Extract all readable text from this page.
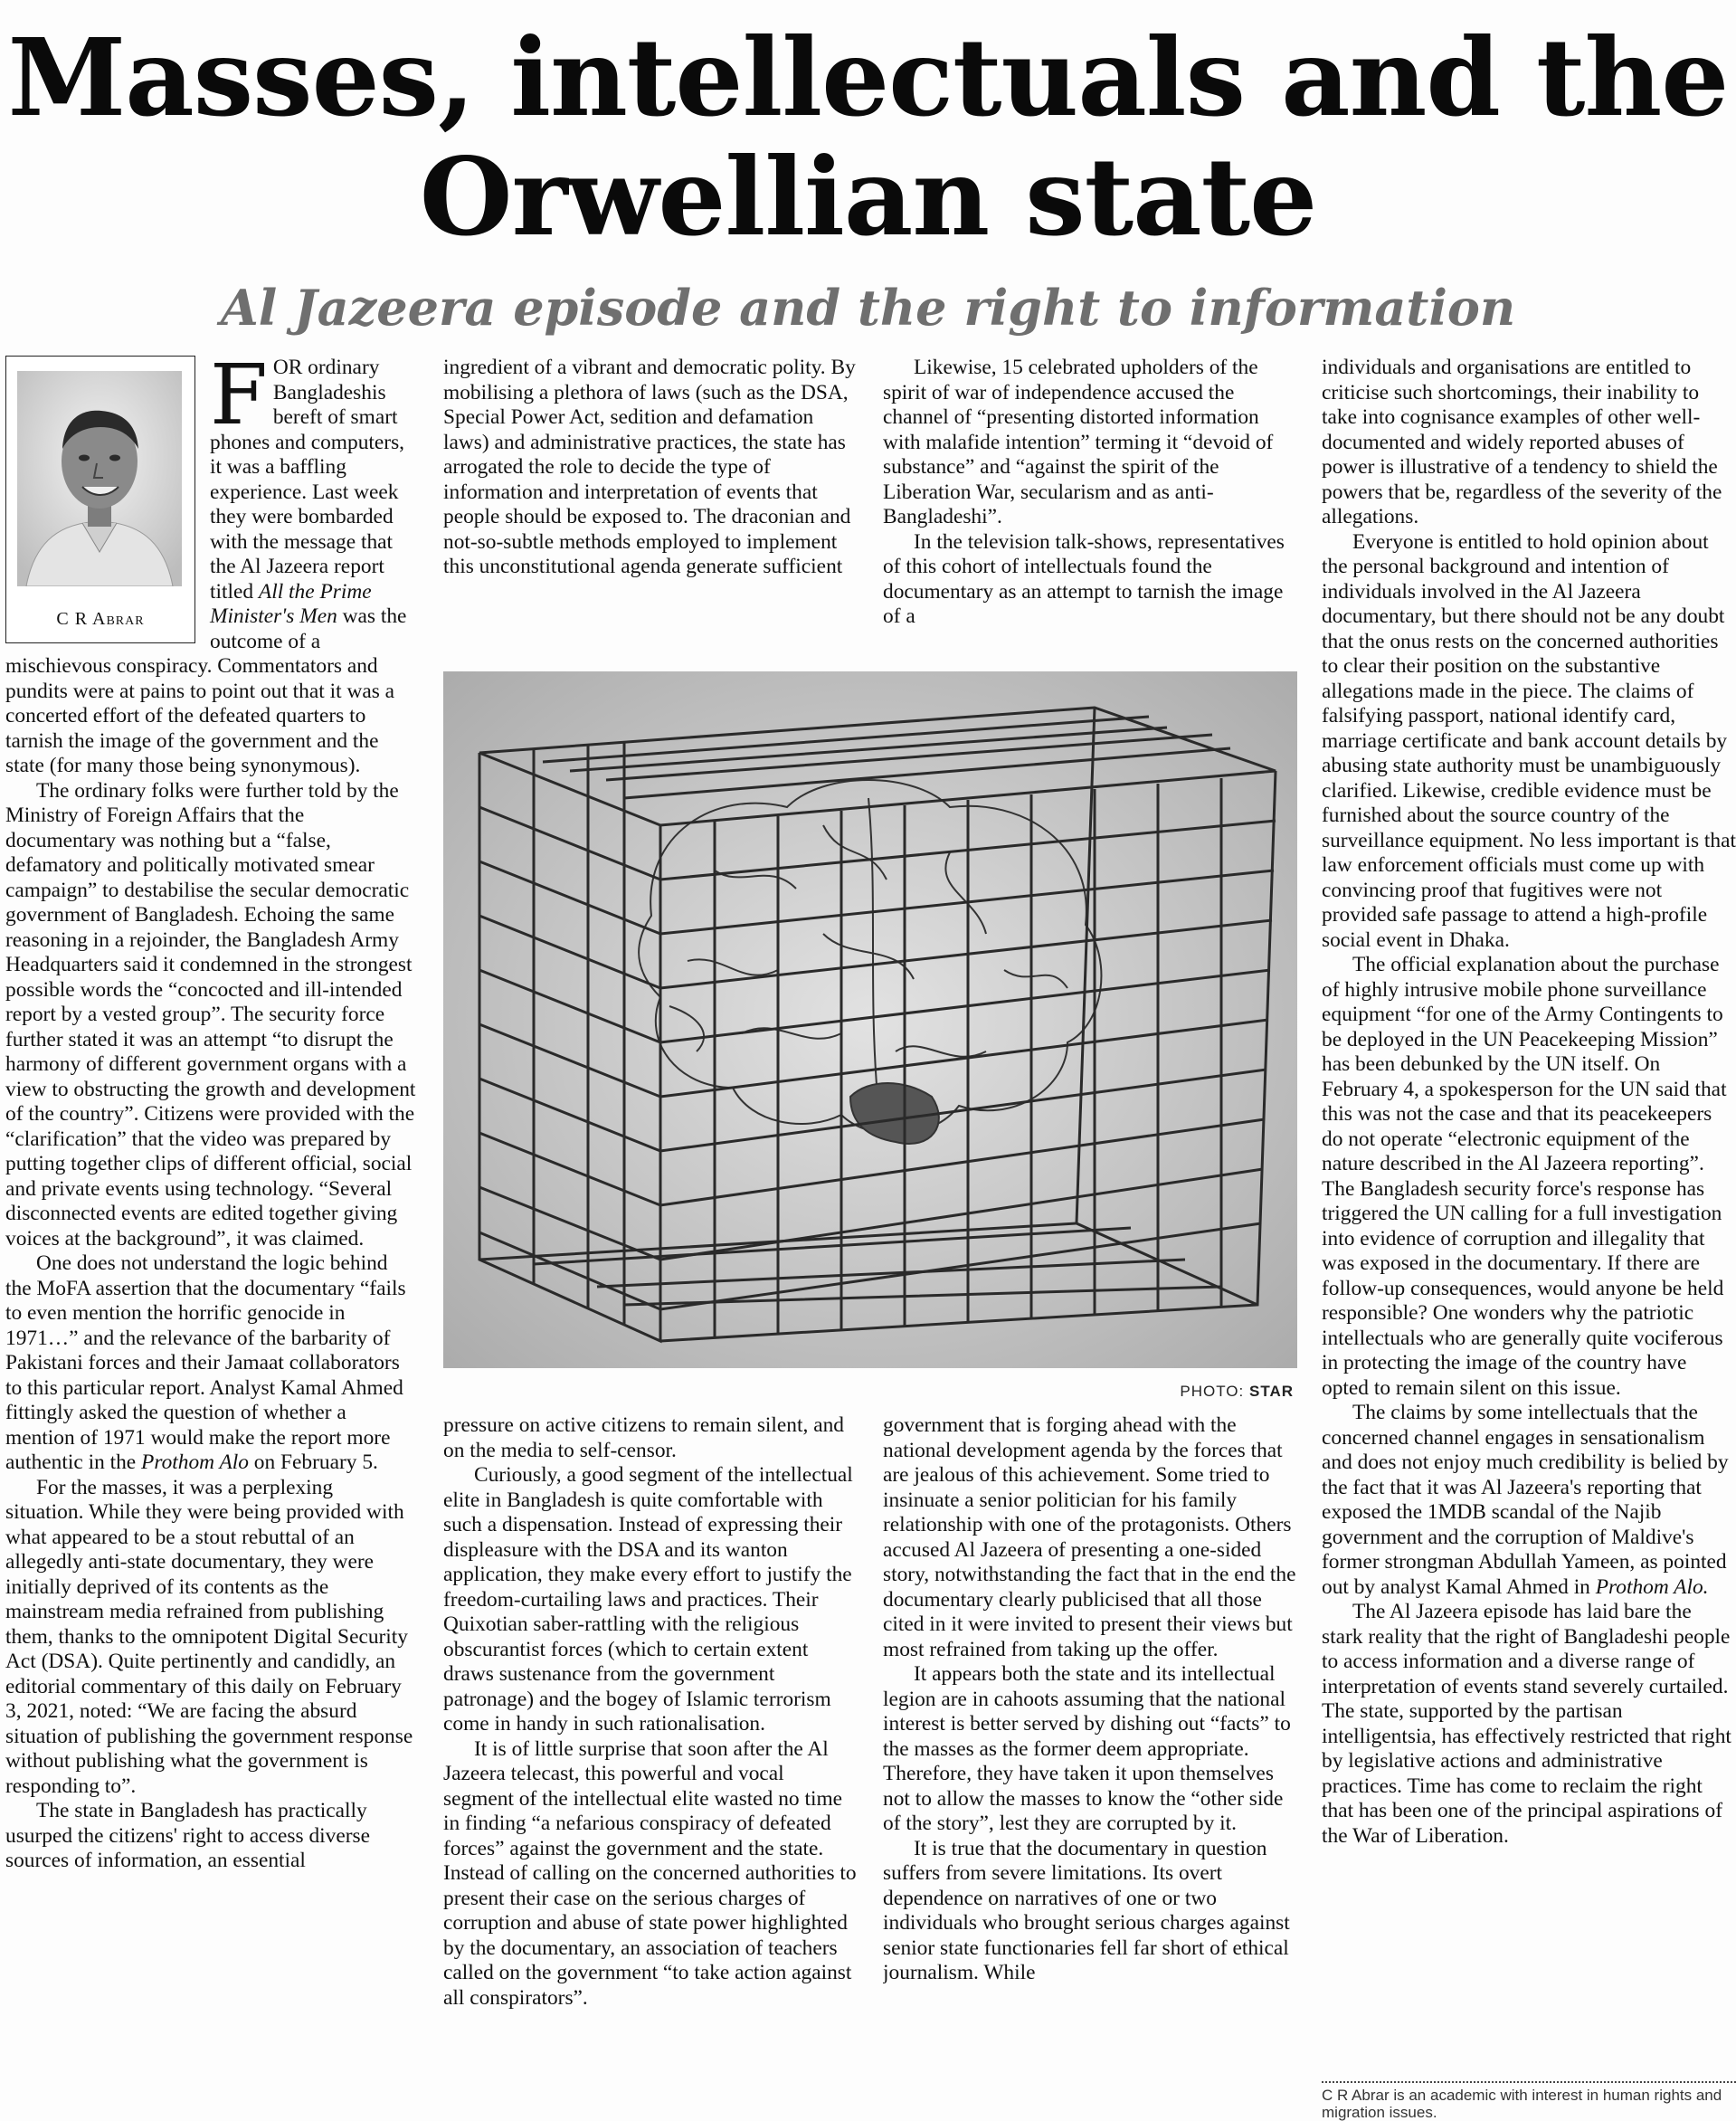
Masses, intellectuals and the
Orwellian state
Al Jazeera episode and the right to information
C R Abrar

FOR ordinary Bangladeshis bereft of smart phones and computers, it was a baffling experience. Last week they were bombarded with the message that the Al Jazeera report titled All the Prime Minister's Men was the outcome of a mischievous conspiracy. Commentators and pundits were at pains to point out that it was a concerted effort of the defeated quarters to tarnish the image of the government and the state (for many those being synonymous).

The ordinary folks were further told by the Ministry of Foreign Affairs that the documentary was nothing but a “false, defamatory and politically motivated smear campaign” to destabilise the secular democratic government of Bangladesh. Echoing the same reasoning in a rejoinder, the Bangladesh Army Headquarters said it condemned in the strongest possible words the “concocted and ill-intended report by a vested group”. The security force further stated it was an attempt “to disrupt the harmony of different government organs with a view to obstructing the growth and development of the country”. Citizens were provided with the “clarification” that the video was prepared by putting together clips of different official, social and private events using technology. “Several disconnected events are edited together giving voices at the background”, it was claimed.

One does not understand the logic behind the MoFA assertion that the documentary “fails to even mention the horrific genocide in 1971…” and the relevance of the barbarity of Pakistani forces and their Jamaat collaborators to this particular report. Analyst Kamal Ahmed fittingly asked the question of whether a mention of 1971 would make the report more authentic in the Prothom Alo on February 5.

For the masses, it was a perplexing situation. While they were being provided with what appeared to be a stout rebuttal of an allegedly anti-state documentary, they were initially deprived of its contents as the mainstream media refrained from publishing them, thanks to the omnipotent Digital Security Act (DSA). Quite pertinently and candidly, an editorial commentary of this daily on February 3, 2021, noted: “We are facing the absurd situation of publishing the government response without publishing what the government is responding to”.

The state in Bangladesh has practically usurped the citizens' right to access diverse sources of information, an essential

ingredient of a vibrant and democratic polity. By mobilising a plethora of laws (such as the DSA, Special Power Act, sedition and defamation laws) and administrative practices, the state has arrogated the role to decide the type of information and interpretation of events that people should be exposed to. The draconian and not-so-subtle methods employed to implement this unconstitutional agenda generate sufficient

Likewise, 15 celebrated upholders of the spirit of war of independence accused the channel of “presenting distorted information with malafide intention” terming it “devoid of substance” and “against the spirit of the Liberation War, secularism and as anti-Bangladeshi”.

In the television talk-shows, representatives of this cohort of intellectuals found the documentary as an attempt to tarnish the image of a

PHOTO: STAR

pressure on active citizens to remain silent, and on the media to self-censor.

Curiously, a good segment of the intellectual elite in Bangladesh is quite comfortable with such a dispensation. Instead of expressing their displeasure with the DSA and its wanton application, they make every effort to justify the freedom-curtailing laws and practices. Their Quixotian saber-rattling with the religious obscurantist forces (which to certain extent draws sustenance from the government patronage) and the bogey of Islamic terrorism come in handy in such rationalisation.

It is of little surprise that soon after the Al Jazeera telecast, this powerful and vocal segment of the intellectual elite wasted no time in finding “a nefarious conspiracy of defeated forces” against the government and the state. Instead of calling on the concerned authorities to present their case on the serious charges of corruption and abuse of state power highlighted by the documentary, an association of teachers called on the government “to take action against all conspirators”.

government that is forging ahead with the national development agenda by the forces that are jealous of this achievement. Some tried to insinuate a senior politician for his family relationship with one of the protagonists. Others accused Al Jazeera of presenting a one-sided story, notwithstanding the fact that in the end the documentary clearly publicised that all those cited in it were invited to present their views but most refrained from taking up the offer.

It appears both the state and its intellectual legion are in cahoots assuming that the national interest is better served by dishing out “facts” to the masses as the former deem appropriate. Therefore, they have taken it upon themselves not to allow the masses to know the “other side of the story”, lest they are corrupted by it.

It is true that the documentary in question suffers from severe limitations. Its overt dependence on narratives of one or two individuals who brought serious charges against senior state functionaries fell far short of ethical journalism. While

individuals and organisations are entitled to criticise such shortcomings, their inability to take into cognisance examples of other well-documented and widely reported abuses of power is illustrative of a tendency to shield the powers that be, regardless of the severity of the allegations.

Everyone is entitled to hold opinion about the personal background and intention of individuals involved in the Al Jazeera documentary, but there should not be any doubt that the onus rests on the concerned authorities to clear their position on the substantive allegations made in the piece. The claims of falsifying passport, national identify card, marriage certificate and bank account details by abusing state authority must be unambiguously clarified. Likewise, credible evidence must be furnished about the source country of the surveillance equipment. No less important is that law enforcement officials must come up with convincing proof that fugitives were not provided safe passage to attend a high-profile social event in Dhaka.

The official explanation about the purchase of highly intrusive mobile phone surveillance equipment “for one of the Army Contingents to be deployed in the UN Peacekeeping Mission” has been debunked by the UN itself. On February 4, a spokesperson for the UN said that this was not the case and that its peacekeepers do not operate “electronic equipment of the nature described in the Al Jazeera reporting”. The Bangladesh security force's response has triggered the UN calling for a full investigation into evidence of corruption and illegality that was exposed in the documentary. If there are follow-up consequences, would anyone be held responsible? One wonders why the patriotic intellectuals who are generally quite vociferous in protecting the image of the country have opted to remain silent on this issue.

The claims by some intellectuals that the concerned channel engages in sensationalism and does not enjoy much credibility is belied by the fact that it was Al Jazeera's reporting that exposed the 1MDB scandal of the Najib government and the corruption of Maldive's former strongman Abdullah Yameen, as pointed out by analyst Kamal Ahmed in Prothom Alo.

The Al Jazeera episode has laid bare the stark reality that the right of Bangladeshi people to access information and a diverse range of interpretation of events stand severely curtailed. The state, supported by the partisan intelligentsia, has effectively restricted that right by legislative actions and administrative practices. Time has come to reclaim the right that has been one of the principal aspirations of the War of Liberation.

C R Abrar is an academic with interest in human rights and migration issues.
